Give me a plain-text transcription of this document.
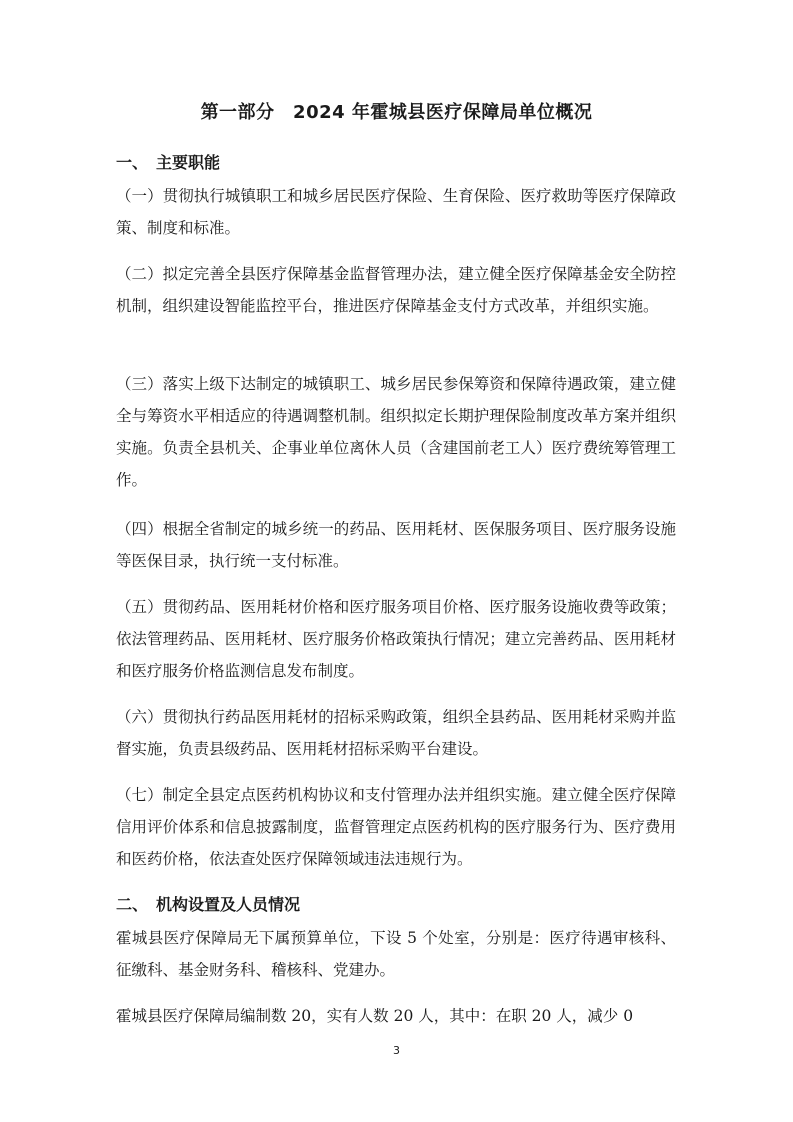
第一部分　2024 年霍城县医疗保障局单位概况
一、　主要职能
（一）贯彻执行城镇职工和城乡居民医疗保险、生育保险、医疗救助等医疗保障政策、制度和标准。
（二）拟定完善全县医疗保障基金监督管理办法，建立健全医疗保障基金安全防控机制，组织建设智能监控平台，推进医疗保障基金支付方式改革，并组织实施。
（三）落实上级下达制定的城镇职工、城乡居民参保筹资和保障待遇政策，建立健全与筹资水平相适应的待遇调整机制。组织拟定长期护理保险制度改革方案并组织实施。负责全县机关、企事业单位离休人员（含建国前老工人）医疗费统筹管理工作。
（四）根据全省制定的城乡统一的药品、医用耗材、医保服务项目、医疗服务设施等医保目录，执行统一支付标准。
（五）贯彻药品、医用耗材价格和医疗服务项目价格、医疗服务设施收费等政策；依法管理药品、医用耗材、医疗服务价格政策执行情况；建立完善药品、医用耗材和医疗服务价格监测信息发布制度。
（六）贯彻执行药品医用耗材的招标采购政策，组织全县药品、医用耗材采购并监督实施，负责县级药品、医用耗材招标采购平台建设。
（七）制定全县定点医药机构协议和支付管理办法并组织实施。建立健全医疗保障信用评价体系和信息披露制度，监督管理定点医药机构的医疗服务行为、医疗费用和医药价格，依法查处医疗保障领域违法违规行为。
二、　机构设置及人员情况
霍城县医疗保障局无下属预算单位，下设 5 个处室，分别是：医疗待遇审核科、征缴科、基金财务科、稽核科、党建办。
霍城县医疗保障局编制数 20，实有人数 20 人，其中：在职 20 人，减少 0
3
